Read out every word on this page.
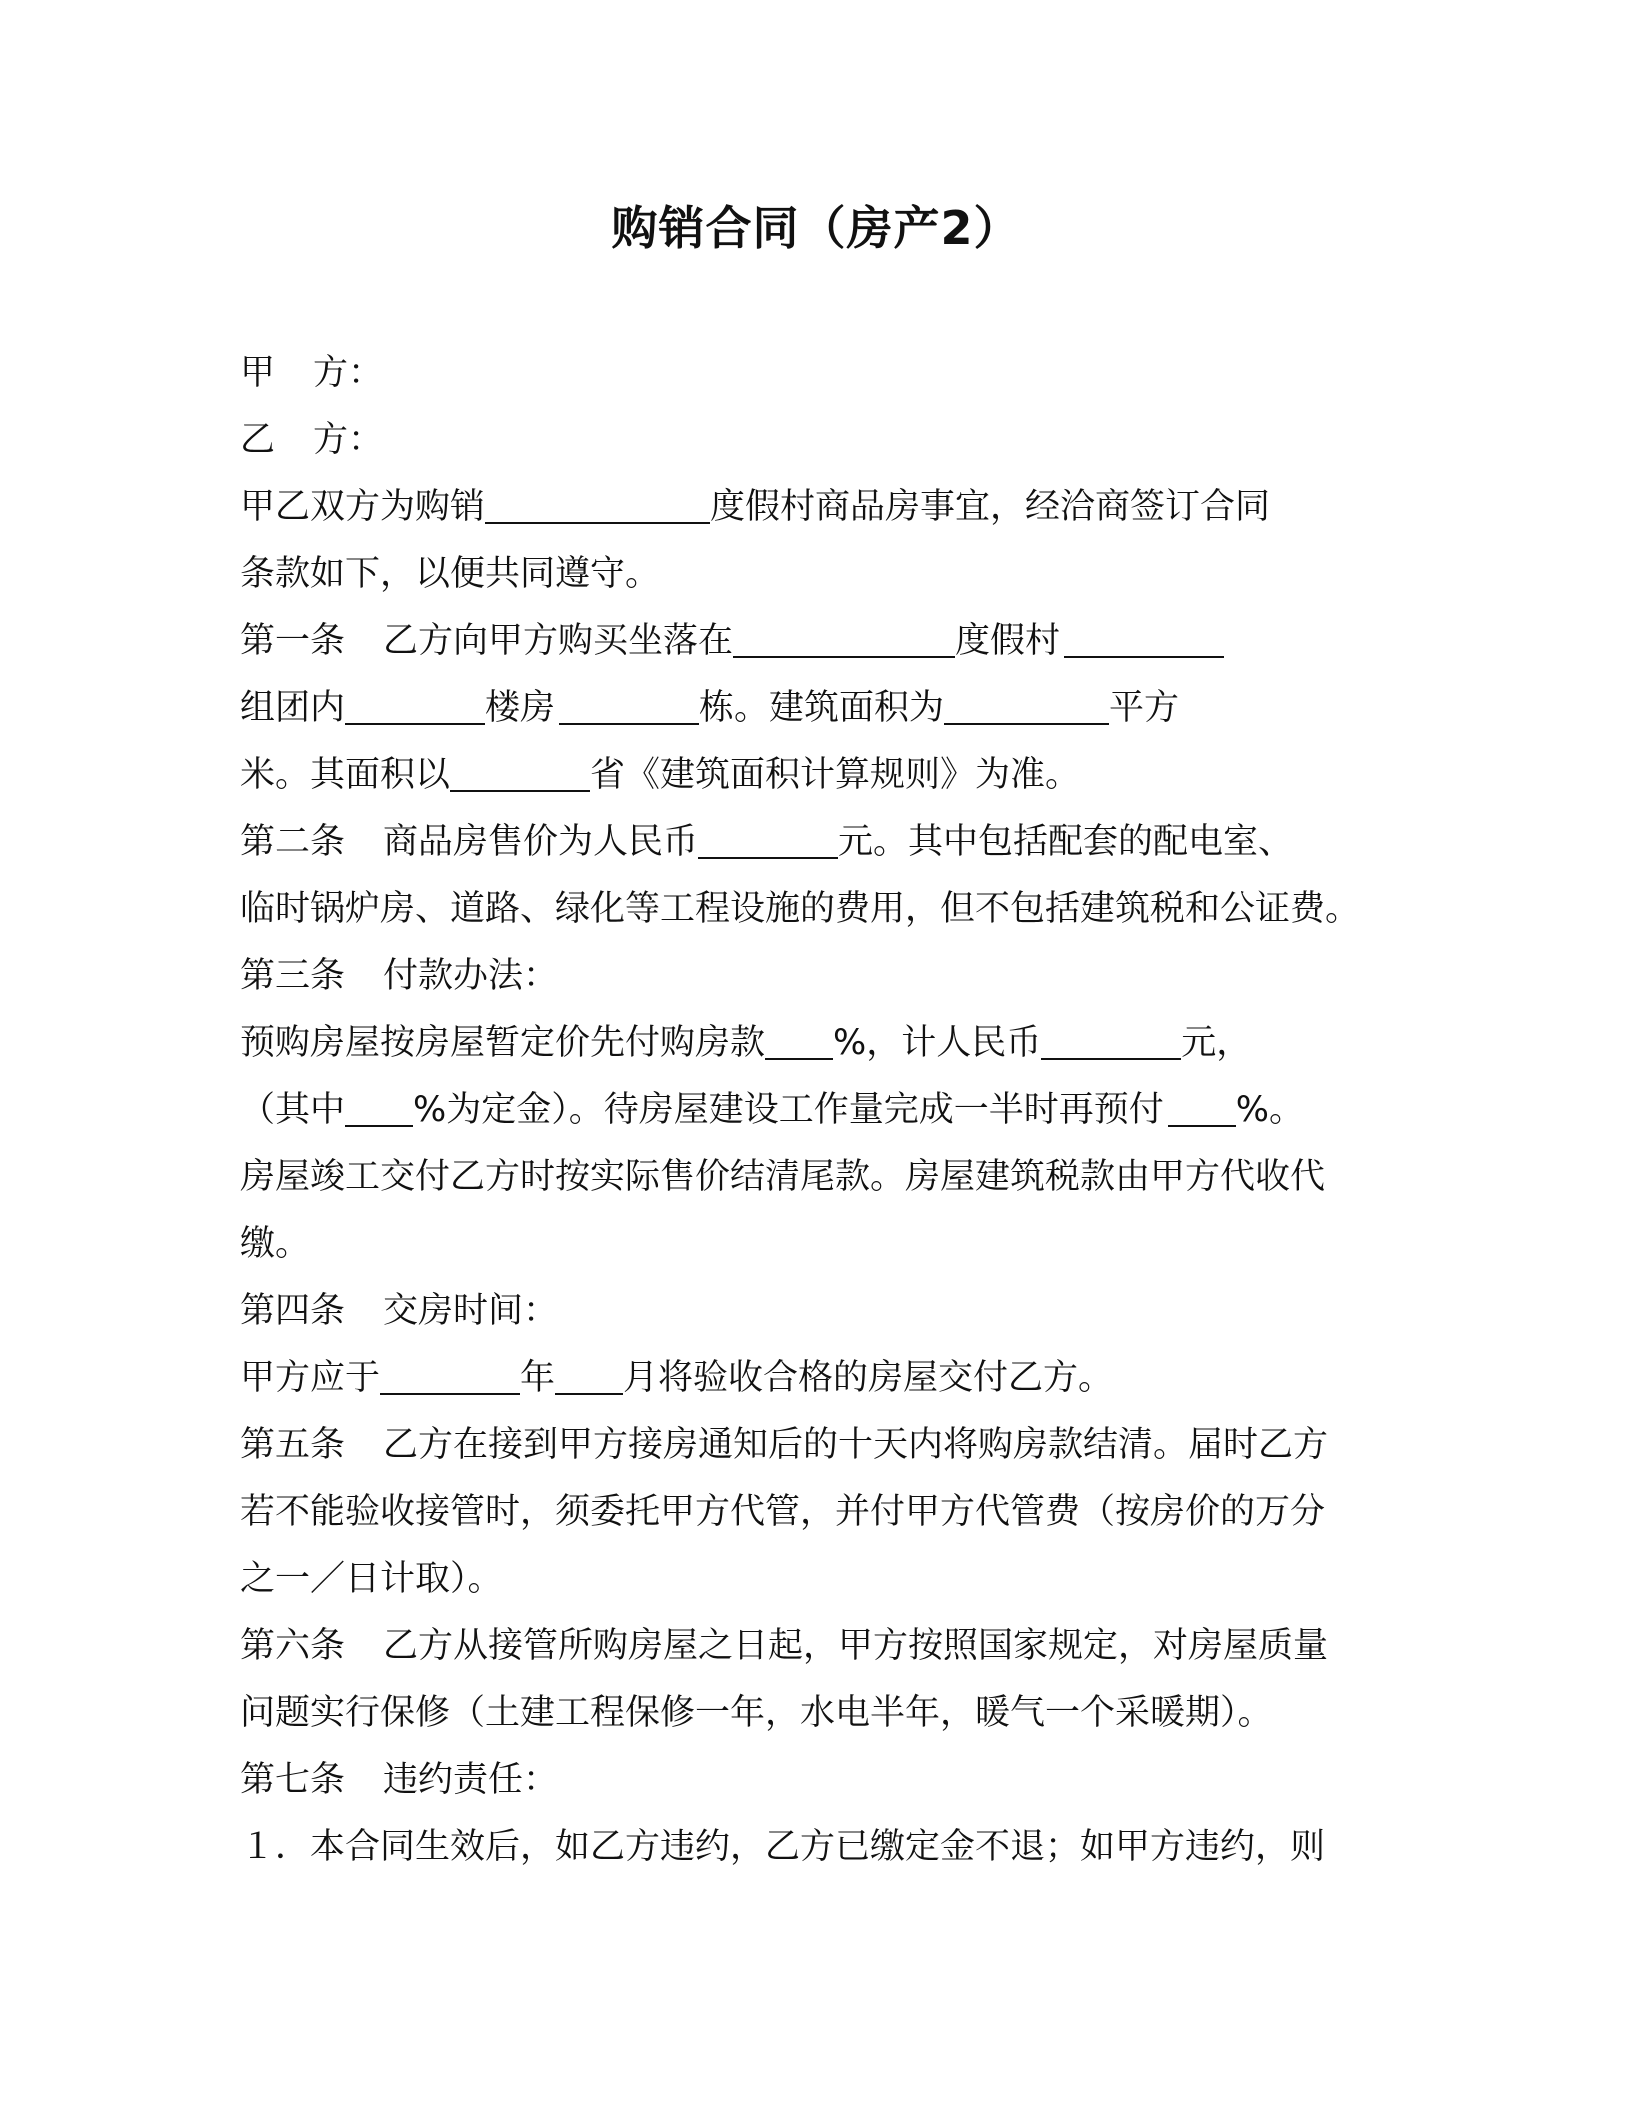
购销合同（房产2）
甲 方：
乙 方：
甲乙双方为购销	度假村商品房事宜，经洽商签订合同
条款如下，以便共同遵守。
第一条 乙方向甲方购买坐落在	度假村
组团内	楼房	栋。建筑面积为	平方
米。其面积以	省《建筑面积计算规则》为准。
第二条 商品房售价为人民币	元。其中包括配套的配电室、
临时锅炉房、道路、绿化等工程设施的费用，但不包括建筑税和公证费。
第三条 付款办法：
预购房屋按房屋暂定价先付购房款 %，计人民币	元，
（其中 %为定金）。待房屋建设工作量完成一半时再预付 %。
房屋竣工交付乙方时按实际售价结清尾款。房屋建筑税款由甲方代收代
缴。
第四条 交房时间：
甲方应于	年 月将验收合格的房屋交付乙方。
第五条 乙方在接到甲方接房通知后的十天内将购房款结清。届时乙方
若不能验收接管时，须委托甲方代管，并付甲方代管费（按房价的万分
之一／日计取）。
第六条 乙方从接管所购房屋之日起，甲方按照国家规定，对房屋质量
问题实行保修（土建工程保修一年，水电半年，暖气一个采暖期）。
第七条 违约责任：
１．本合同生效后，如乙方违约，乙方已缴定金不退；如甲方违约，则
